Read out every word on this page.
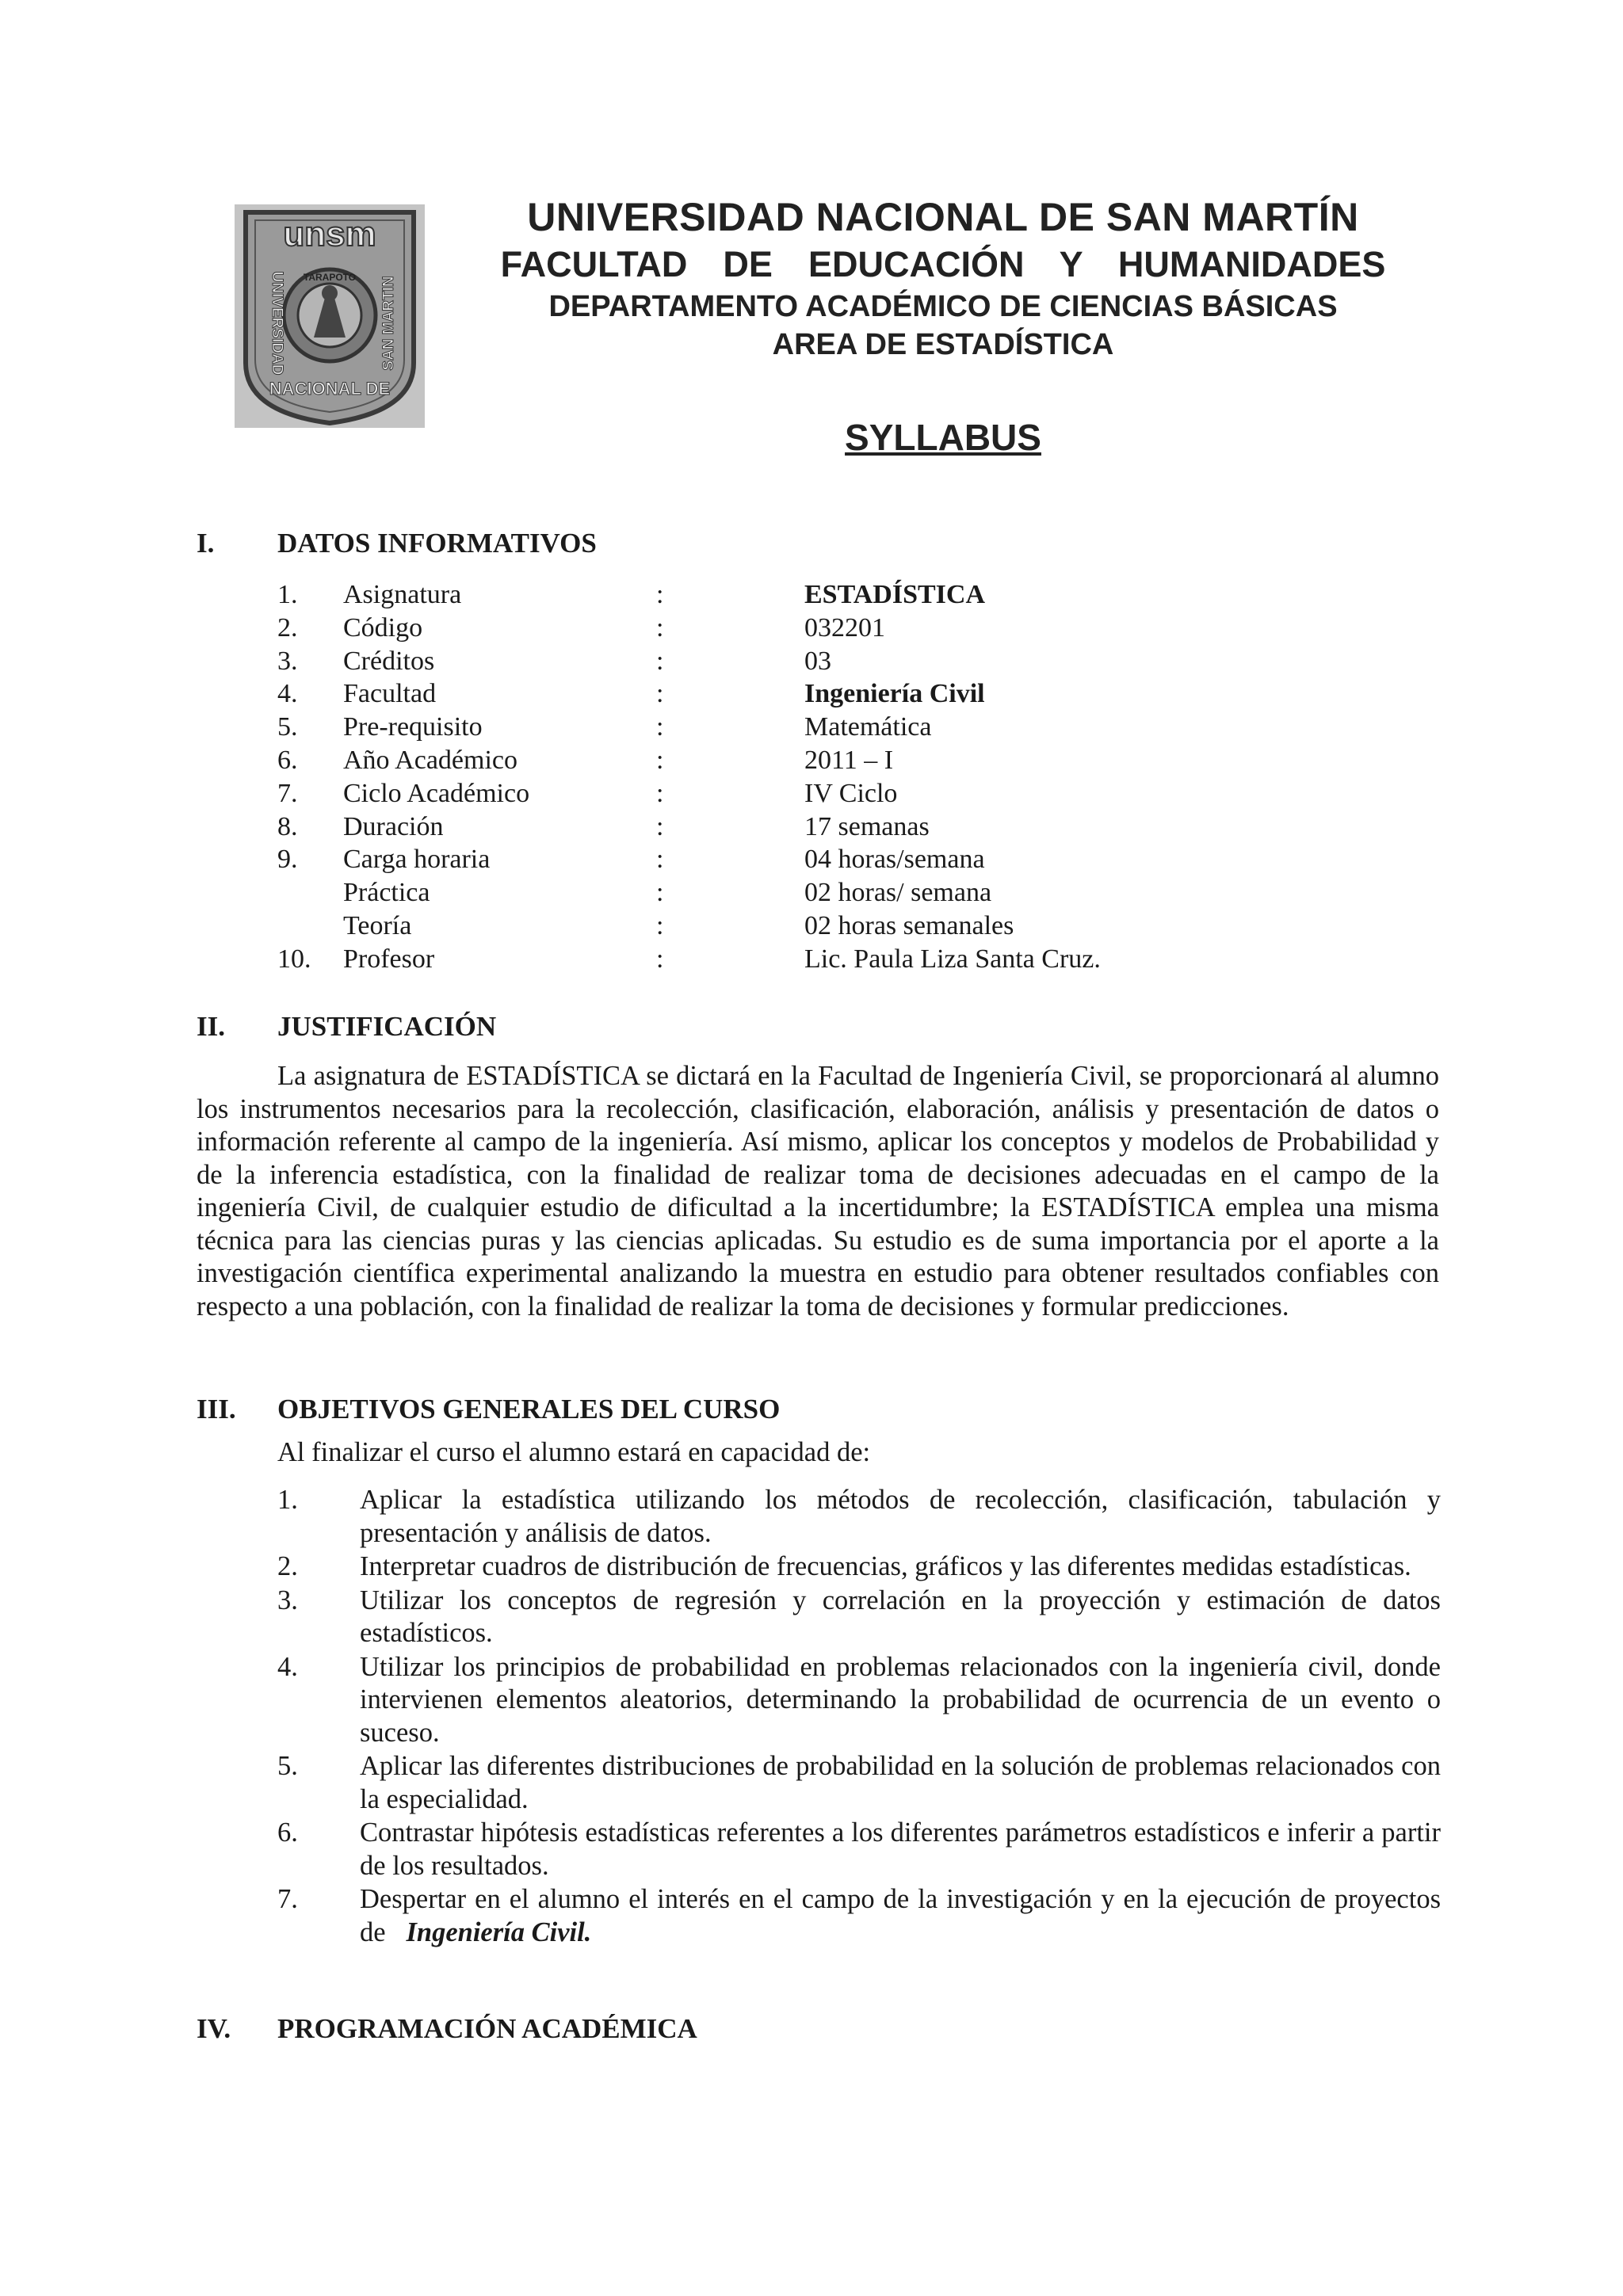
unsm
TARAPOTO
UNIVERSIDAD	SAN MARTIN
NACIONAL DE
UNIVERSIDAD NACIONAL DE SAN MARTÍN
FACULTAD  DE  EDUCACIÓN  Y  HUMANIDADES
DEPARTAMENTO ACADÉMICO DE CIENCIAS BÁSICAS
AREA DE ESTADÍSTICA
SYLLABUS
I. DATOS INFORMATIVOS
1. Asignatura	:	ESTADÍSTICA
2. Código	:	032201
3. Créditos	:	03
4. Facultad	:	Ingeniería Civil
5. Pre-requisito	:	Matemática
6. Año Académico	:	2011 – I
7. Ciclo Académico	:	IV Ciclo
8. Duración	:	17 semanas
9. Carga horaria	:	04 horas/semana
Práctica	:	02 horas/ semana
Teoría	:	02 horas semanales
10. Profesor	:	Lic. Paula Liza Santa Cruz.
II. JUSTIFICACIÓN

La asignatura de ESTADÍSTICA se dictará en la Facultad de Ingeniería Civil, se proporcionará al alumno los instrumentos necesarios para la recolección, clasificación, elaboración, análisis y presentación de datos o información referente al campo de la ingeniería. Así mismo, aplicar los conceptos y modelos de Probabilidad y de la inferencia estadística, con la finalidad de realizar toma de decisiones adecuadas en el campo de la ingeniería Civil, de cualquier estudio de dificultad a la incertidumbre; la ESTADÍSTICA emplea una misma técnica para las ciencias puras y las ciencias aplicadas. Su estudio es de suma importancia por el aporte a la investigación científica experimental analizando la muestra en estudio para obtener resultados confiables con respecto a una población, con la finalidad de realizar la toma de decisiones y formular predicciones.

III. OBJETIVOS GENERALES DEL CURSO
Al finalizar el curso el alumno estará en capacidad de:
1.	Aplicar la estadística utilizando los métodos de recolección, clasificación, tabulación y presentación y análisis de datos.
2.	Interpretar cuadros de distribución de frecuencias, gráficos y las diferentes medidas estadísticas.
3.	Utilizar los conceptos de regresión y correlación en la proyección y estimación de datos estadísticos.
4.	Utilizar los principios de probabilidad en problemas relacionados con la ingeniería civil, donde intervienen elementos aleatorios, determinando la probabilidad de ocurrencia de un evento o suceso.
5.	Aplicar las diferentes distribuciones de probabilidad en la solución de problemas relacionados con la especialidad.
6.	Contrastar hipótesis estadísticas referentes a los diferentes parámetros estadísticos e inferir a partir de los resultados.
7.	Despertar en el alumno el interés en el campo de la investigación y en la ejecución de proyectos de Ingeniería Civil.
IV. PROGRAMACIÓN ACADÉMICA
